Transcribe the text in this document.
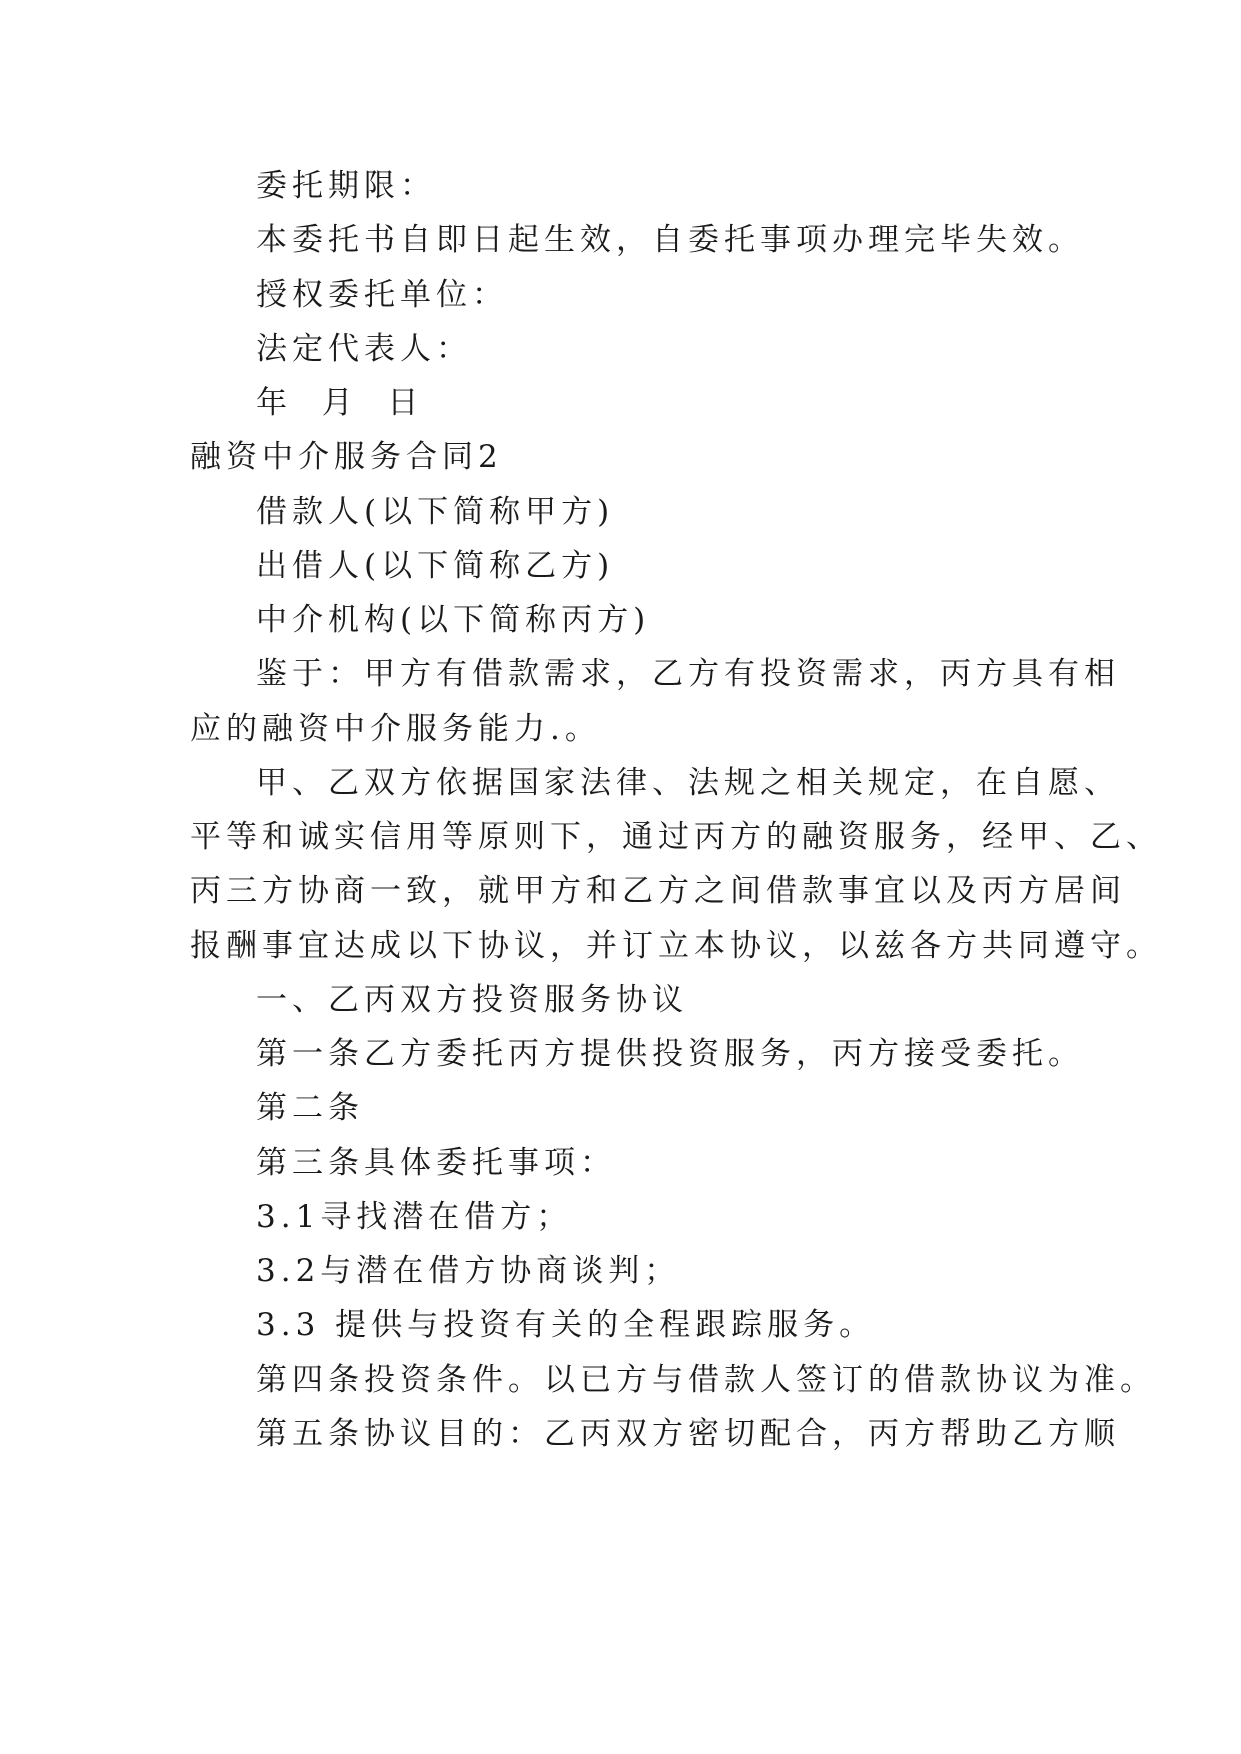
委托期限：
本委托书自即日起生效，自委托事项办理完毕失效。
授权委托单位：
法定代表人：
年  月  日
融资中介服务合同2
借款人(以下简称甲方)
出借人(以下简称乙方)
中介机构(以下简称丙方)
鉴于：甲方有借款需求，乙方有投资需求，丙方具有相
应的融资中介服务能力.。
甲、乙双方依据国家法律、法规之相关规定，在自愿、
平等和诚实信用等原则下，通过丙方的融资服务，经甲、乙、
丙三方协商一致，就甲方和乙方之间借款事宜以及丙方居间
报酬事宜达成以下协议，并订立本协议，以兹各方共同遵守。
一、乙丙双方投资服务协议
第一条乙方委托丙方提供投资服务，丙方接受委托。
第二条
第三条具体委托事项：
3.1寻找潜在借方；
3.2与潜在借方协商谈判；
3.3 提供与投资有关的全程跟踪服务。
第四条投资条件。以已方与借款人签订的借款协议为准。
第五条协议目的：乙丙双方密切配合，丙方帮助乙方顺
